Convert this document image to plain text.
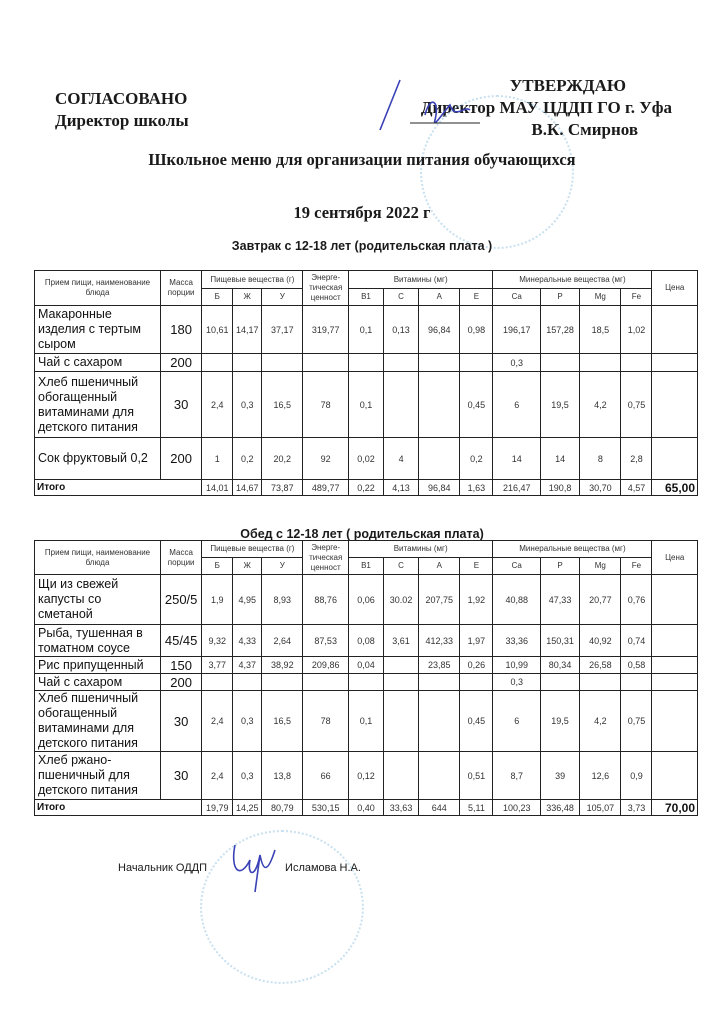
СОГЛАСОВАНО
Директор школы
УТВЕРЖДАЮ
Директор МАУ ЦДДП ГО г. Уфа
В.К. Смирнов
Школьное меню для организации питания обучающихся
19 сентября 2022 г
Завтрак с 12-18 лет (родительская плата )
Прием пищи, наименование блюда	Масса порции	Пищевые вещества (г)			Энерге-тическая ценност	Витамины (мг)				Минеральные вещества (мг)				Цена
		Б	Ж	У		В1	С	А	Е	Ca	P	Mg	Fe	
Макаронные изделия с тертым сыром	180	10,61	14,17	37,17	319,77	0,1	0,13	96,84	0,98	196,17	157,28	18,5	1,02	
Чай с сахаром	200									0,3				
Хлеб пшеничный обогащенный витаминами для детского питания	30	2,4	0,3	16,5	78	0,1			0,45	6	19,5	4,2	0,75	
Сок фруктовый 0,2	200	1	0,2	20,2	92	0,02	4		0,2	14	14	8	2,8	
Итого		14,01	14,67	73,87	489,77	0,22	4,13	96,84	1,63	216,47	190,8	30,70	4,57	65,00
Обед с 12-18 лет ( родительская плата)
Прием пищи, наименование блюда	Масса порции	Пищевые вещества (г)			Энерге-тическая ценност	Витамины (мг)				Минеральные вещества (мг)				Цена
		Б	Ж	У		В1	С	А	Е	Ca	P	Mg	Fe	
Щи из свежей капусты со сметаной	250/5	1,9	4,95	8,93	88,76	0,06	30.02	207,75	1,92	40,88	47,33	20,77	0,76	
Рыба, тушенная в томатном соусе	45/45	9,32	4,33	2,64	87,53	0,08	3,61	412,33	1,97	33,36	150,31	40,92	0,74	
Рис припущенный	150	3,77	4,37	38,92	209,86	0,04		23,85	0,26	10,99	80,34	26,58	0,58	
Чай с сахаром	200									0,3				
Хлеб пшеничный обогащенный витаминами для детского питания	30	2,4	0,3	16,5	78	0,1			0,45	6	19,5	4,2	0,75	
Хлеб ржано-пшеничный для детского питания	30	2,4	0,3	13,8	66	0,12			0,51	8,7	39	12,6	0,9	
Итого		19,79	14,25	80,79	530,15	0,40	33,63	644	5,11	100,23	336,48	105,07	3,73	70,00
Начальник ОДДП	Исламова Н.А.
